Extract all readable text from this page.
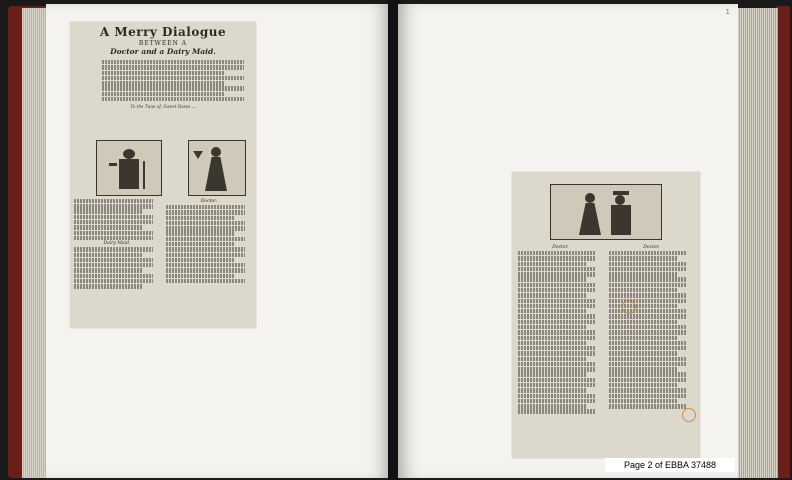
A Merry Dialogue
BETWEEN A
Doctor and a Dairy Maid.
To the Tune of, Sweet Roses ...
Dairy Maid.
Doctor.
1
Doctor.	Doctor.
Page 2 of EBBA 37488
